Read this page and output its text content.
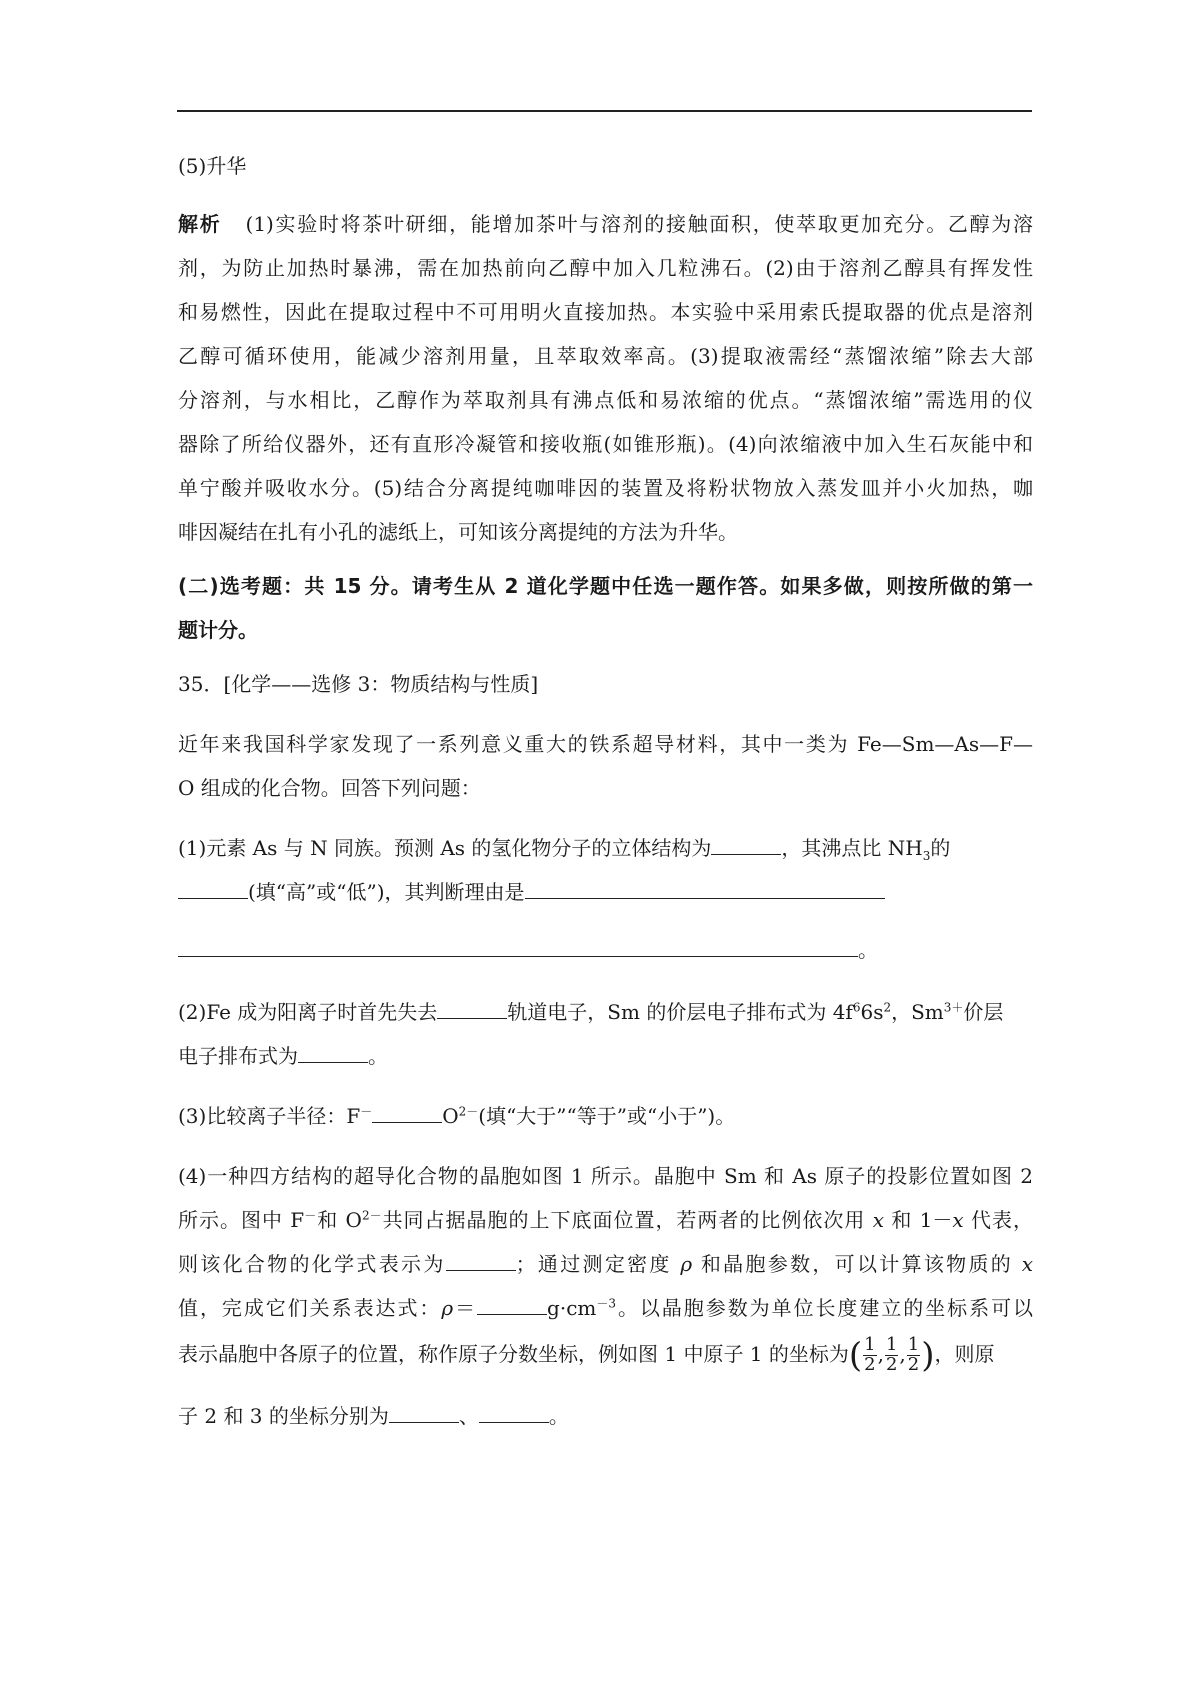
(5)升华
解析 (1)实验时将茶叶研细，能增加茶叶与溶剂的接触面积，使萃取更加充分。乙醇为溶
剂，为防止加热时暴沸，需在加热前向乙醇中加入几粒沸石。(2)由于溶剂乙醇具有挥发性
和易燃性，因此在提取过程中不可用明火直接加热。本实验中采用索氏提取器的优点是溶剂
乙醇可循环使用，能减少溶剂用量，且萃取效率高。(3)提取液需经“蒸馏浓缩”除去大部
分溶剂，与水相比，乙醇作为萃取剂具有沸点低和易浓缩的优点。“蒸馏浓缩”需选用的仪
器除了所给仪器外，还有直形冷凝管和接收瓶(如锥形瓶)。(4)向浓缩液中加入生石灰能中和
单宁酸并吸收水分。(5)结合分离提纯咖啡因的装置及将粉状物放入蒸发皿并小火加热，咖
啡因凝结在扎有小孔的滤纸上，可知该分离提纯的方法为升华。
(二)选考题：共 15 分。请考生从 2 道化学题中任选一题作答。如果多做，则按所做的第一
题计分。
35．[化学——选修 3：物质结构与性质]
近年来我国科学家发现了一系列意义重大的铁系超导材料，其中一类为 Fe—Sm—As—F—
O 组成的化合物。回答下列问题：
(1)元素 As 与 N 同族。预测 As 的氢化物分子的立体结构为	，其沸点比 $NH_3$的
(填“高”或“低”)，其判断理由是
。
(2)Fe 成为阳离子时首先失去	轨道电子，Sm 的价层电子排布式为 $4f^66s^2$，$Sm^{3+}$价层
电子排布式为	。
(3)比较离子半径：F－	$O^{2-}$(填“大于”“等于”或“小于”)。
(4)一种四方结构的超导化合物的晶胞如图 1 所示。晶胞中 Sm 和 As 原子的投影位置如图 2
所示。图中 F－和 $O^{2-}$共同占据晶胞的上下底面位置，若两者的比例依次用 x 和 1－x 代表，
则该化合物的化学式表示为	；通过测定密度 ρ 和晶胞参数，可以计算该物质的 x
值，完成它们关系表达式：ρ＝	$g\cdot cm^{-3}$。以晶胞参数为单位长度建立的坐标系可以
表示晶胞中各原子的位置，称作原子分数坐标，例如图 1 中原子 1 的坐标为( $\frac{1}{2}$ , $\frac{1}{2}$ , $\frac{1}{2}$ )，则原
子 2 和 3 的坐标分别为	、	。
